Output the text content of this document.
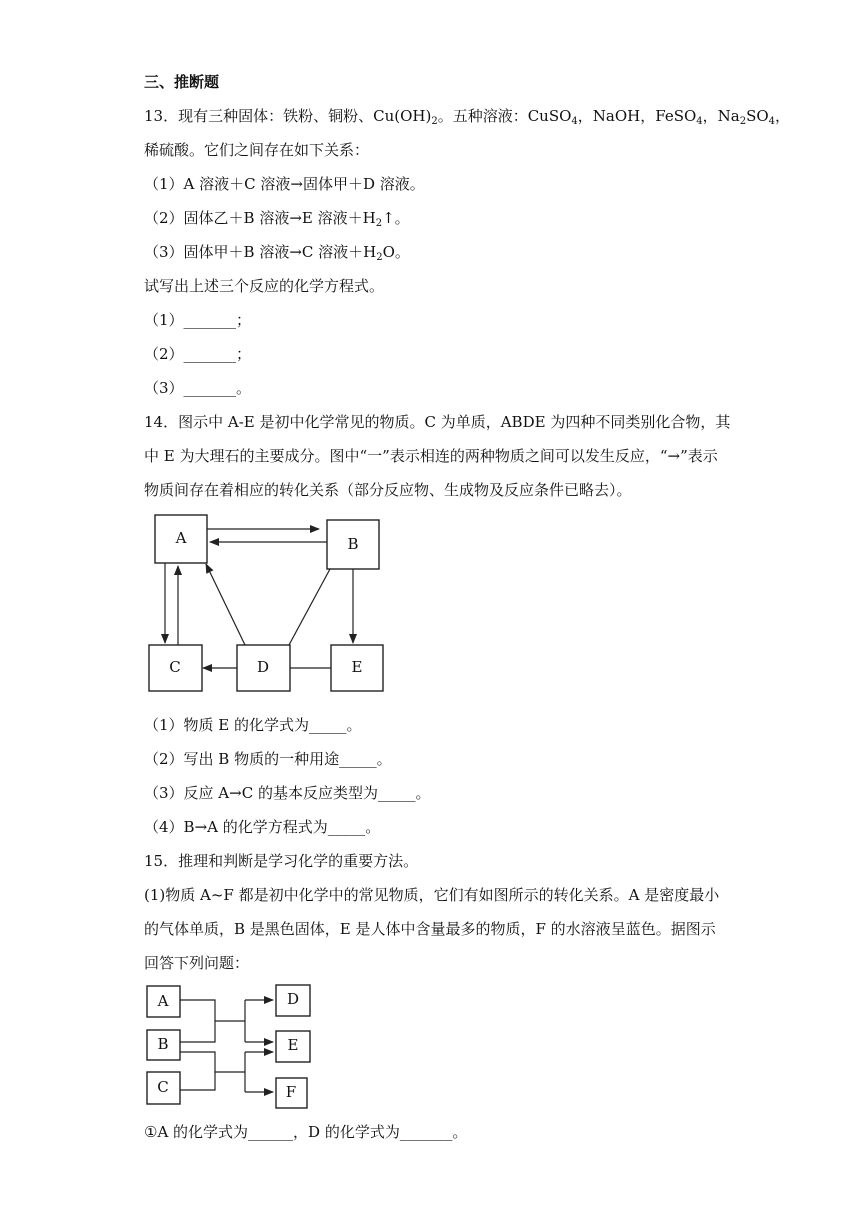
三、推断题
13．现有三种固体：铁粉、铜粉、$Cu(OH)_2$。五种溶液：CuSO$_4$，NaOH，FeSO$_4$，$Na_2SO_4$，
稀硫酸。它们之间存在如下关系：
（1）A 溶液＋C 溶液→固体甲＋D 溶液。
（2）固体乙＋B 溶液→E 溶液$+H_2↑$。
（3）固体甲＋B 溶液→C 溶液$+H_2O$。
试写出上述三个反应的化学方程式。
（1）_______；
（2）_______；
（3）_______。
14．图示中 A-E 是初中化学常见的物质。C 为单质，ABDE 为四种不同类别化合物，其
中 E 为大理石的主要成分。图中“一”表示相连的两种物质之间可以发生反应，“→”表示
物质间存在着相应的转化关系（部分反应物、生成物及反应条件已略去）。
A	B
C	D	E
A
B
C
D
E
F
（1）物质 E 的化学式为_____。
（2）写出 B 物质的一种用途_____。
（3）反应 A→C 的基本反应类型为_____。
（4）B→A 的化学方程式为_____。
15．推理和判断是学习化学的重要方法。
(1)物质 A~F 都是初中化学中的常见物质，它们有如图所示的转化关系。A 是密度最小
的气体单质，B 是黑色固体，E 是人体中含量最多的物质，F 的水溶液呈蓝色。据图示
回答下列问题：
①A 的化学式为______，D 的化学式为_______。
